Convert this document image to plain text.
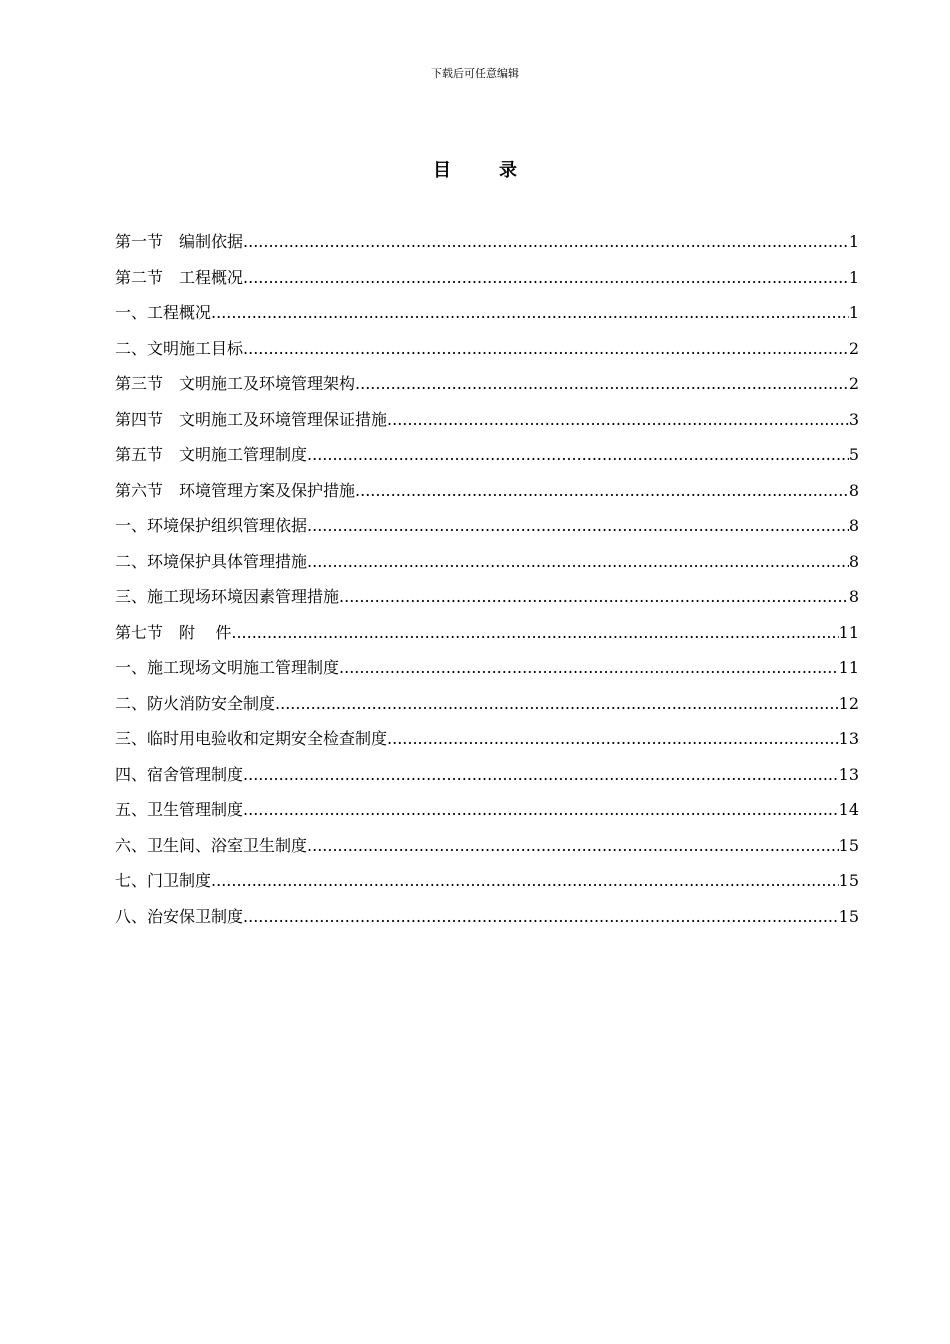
下载后可任意编辑
目	录
第一节 编制依据 .....	1
第二节 工程概况 .....	1
一、工程概况 .....	1
二、文明施工目标 .....	2
第三节 文明施工及环境管理架构 .....	2
第四节 文明施工及环境管理保证措施 .....	3
第五节 文明施工管理制度 .....	5
第六节 环境管理方案及保护措施 .....	8
一、环境保护组织管理依据 .....	8
二、环境保护具体管理措施 .....	8
三、施工现场环境因素管理措施 .....	8
第七节 附    件 .....	11
一、施工现场文明施工管理制度 .....	11
二、防火消防安全制度 .....	12
三、临时用电验收和定期安全检查制度 .....	13
四、宿舍管理制度 .....	13
五、卫生管理制度 .....	14
六、卫生间、浴室卫生制度 .....	15
七、门卫制度 .....	15
八、治安保卫制度 .....	15
